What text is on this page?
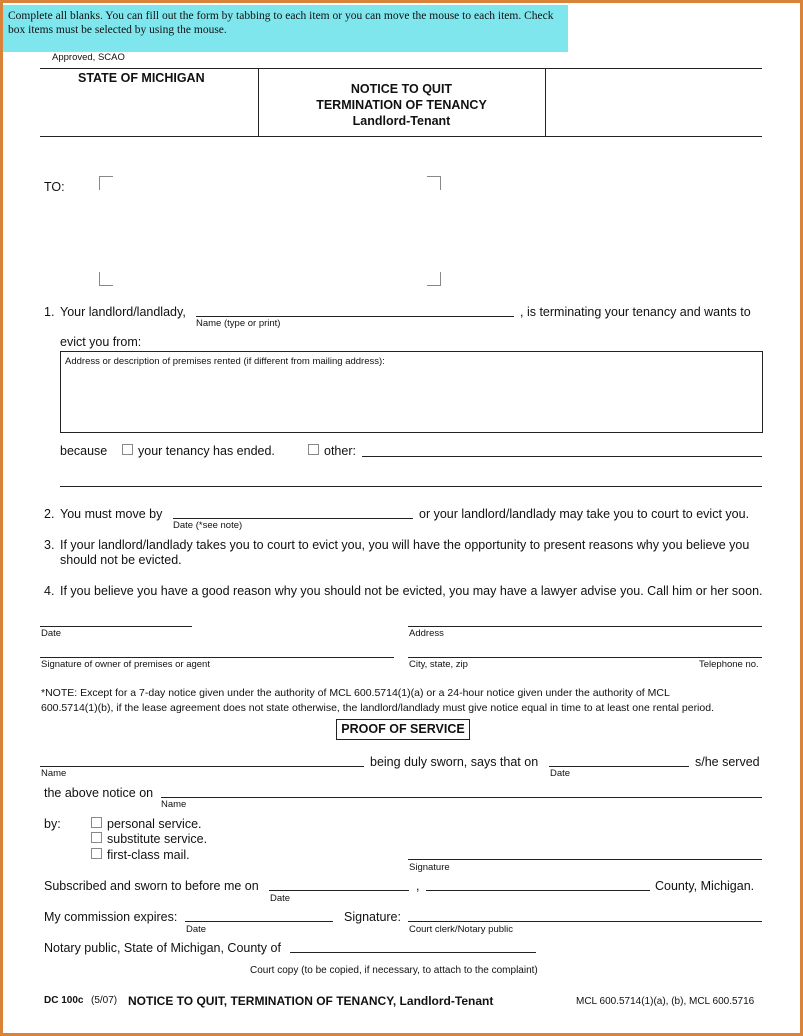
Complete all blanks. You can fill out the form by tabbing to each item or you can move the mouse to each item. Check box items must be selected by using the mouse.
Approved, SCAO
STATE OF MICHIGAN
NOTICE TO QUIT
TERMINATION OF TENANCY
Landlord-Tenant
TO:
1. Your landlord/landlady,
Name (type or print)
, is terminating your tenancy and wants to
evict you from:
Address or description of premises rented (if different from mailing address):
because your tenancy has ended.	other:
2. You must move by
Date (*see note)
or your landlord/landlady may take you to court to evict you.
3. If your landlord/landlady takes you to court to evict you, you will have the opportunity to present reasons why you believe you
should not be evicted.
4. If you believe you have a good reason why you should not be evicted, you may have a lawyer advise you. Call him or her soon.
Date	Address
Signature of owner of premises or agent	City, state, zip	Telephone no.
*NOTE: Except for a 7-day notice given under the authority of MCL 600.5714(1)(a) or a 24-hour notice given under the authority of MCL
600.5714(1)(b), if the lease agreement does not state otherwise, the landlord/landlady must give notice equal in time to at least one rental period.
PROOF OF SERVICE
Name
being duly sworn, says that on
Date
s/he served
the above notice on
Name
by:	personal service.
substitute service.
first-class mail.
Signature
Subscribed and sworn to before me on
Date
,	County, Michigan.
My commission expires:
Date
Signature:
Court clerk/Notary public
Notary public, State of Michigan, County of
Court copy (to be copied, if necessary, to attach to the complaint)
DC 100c (5/07) NOTICE TO QUIT, TERMINATION OF TENANCY, Landlord-Tenant	MCL 600.5714(1)(a), (b), MCL 600.5716
